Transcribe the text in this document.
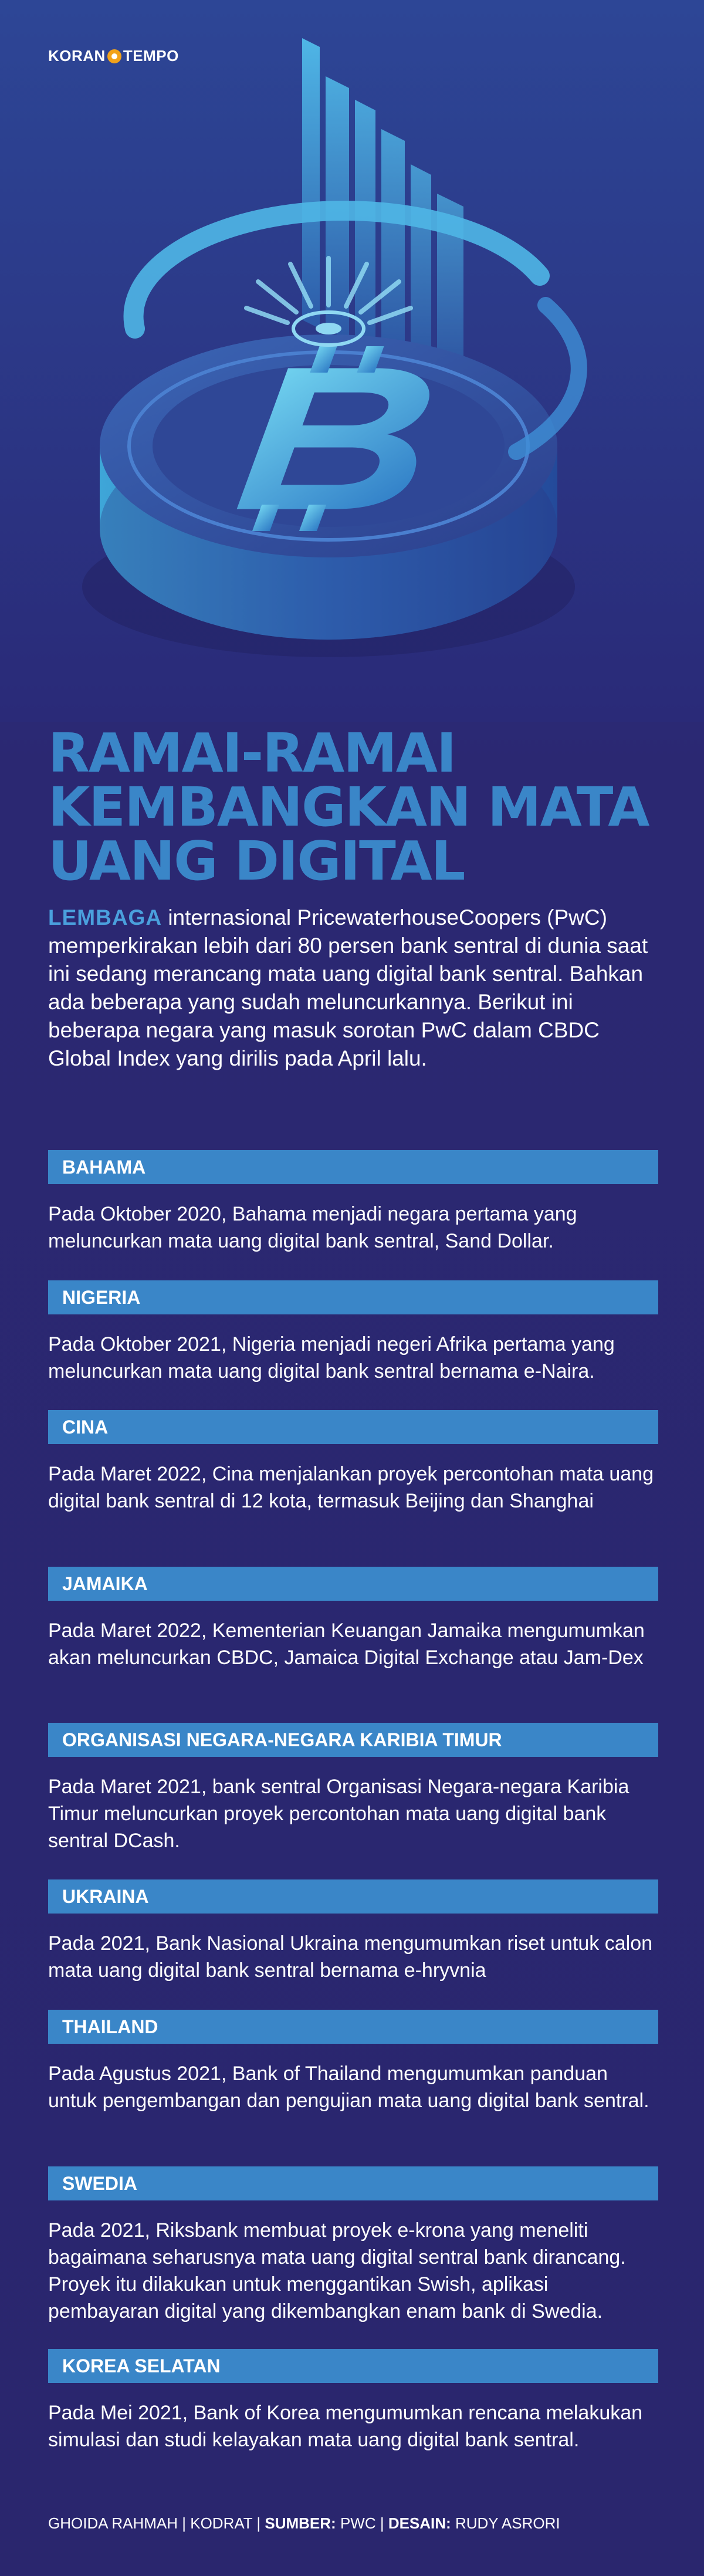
KORAN TEMPO
RAMAI-RAMAI
KEMBANGKAN MATA
UANG DIGITAL

LEMBAGA internasional PricewaterhouseCoopers (PwC) memperkirakan lebih dari 80 persen bank sentral di dunia saat ini sedang merancang mata uang digital bank sentral. Bahkan ada beberapa yang sudah meluncurkannya. Berikut ini beberapa negara yang masuk sorotan PwC dalam CBDC Global Index yang dirilis pada April lalu.

BAHAMA

Pada Oktober 2020, Bahama menjadi negara pertama yang meluncurkan mata uang digital bank sentral, Sand Dollar.

NIGERIA

Pada Oktober 2021, Nigeria menjadi negeri Afrika pertama yang meluncurkan mata uang digital bank sentral bernama e-Naira.

CINA

Pada Maret 2022, Cina menjalankan proyek percontohan mata uang digital bank sentral di 12 kota, termasuk Beijing dan Shanghai

JAMAIKA

Pada Maret 2022, Kementerian Keuangan Jamaika mengumumkan akan meluncurkan CBDC, Jamaica Digital Exchange atau Jam-Dex

ORGANISASI NEGARA-NEGARA KARIBIA TIMUR

Pada Maret 2021, bank sentral Organisasi Negara-negara Karibia Timur meluncurkan proyek percontohan mata uang digital bank sentral DCash.

UKRAINA

Pada 2021, Bank Nasional Ukraina mengumumkan riset untuk calon mata uang digital bank sentral bernama e-hryvnia

THAILAND

Pada Agustus 2021, Bank of Thailand mengumumkan panduan untuk pengembangan dan pengujian mata uang digital bank sentral.

SWEDIA

Pada 2021, Riksbank membuat proyek e-krona yang meneliti bagaimana seharusnya mata uang digital sentral bank dirancang. Proyek itu dilakukan untuk menggantikan Swish, aplikasi pembayaran digital yang dikembangkan enam bank di Swedia.

KOREA SELATAN

Pada Mei 2021, Bank of Korea mengumumkan rencana melakukan simulasi dan studi kelayakan mata uang digital bank sentral.

GHOIDA RAHMAH | KODRAT | SUMBER: PWC | DESAIN: RUDY ASRORI
